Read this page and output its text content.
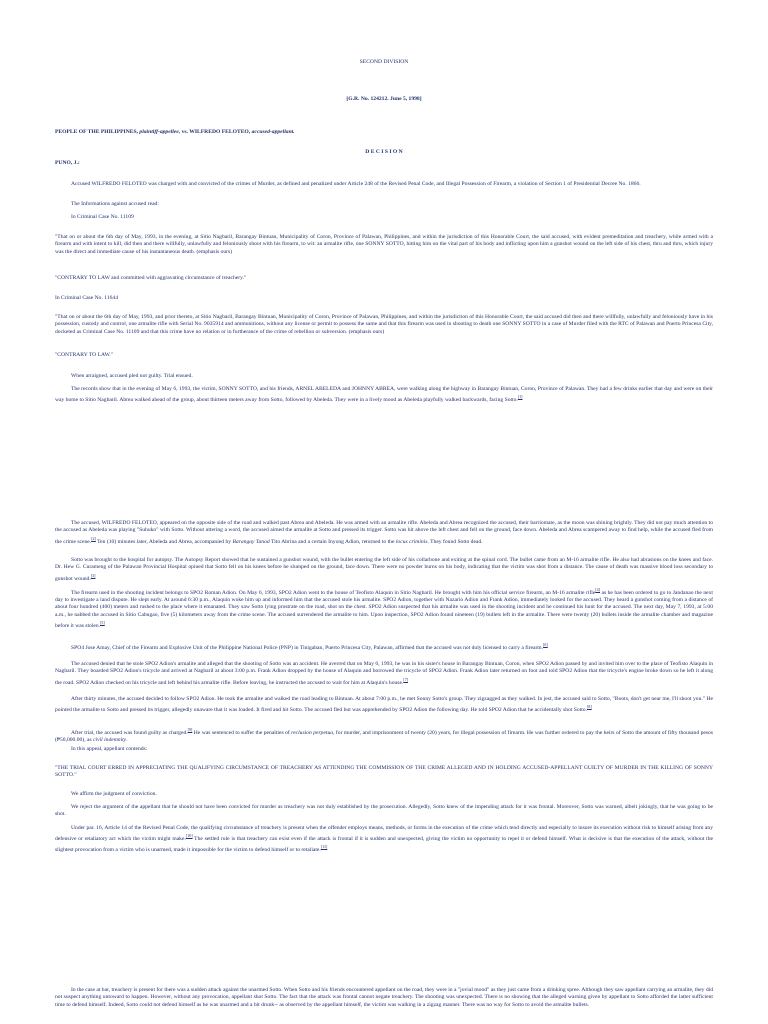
SECOND DIVISION

[G.R. No. 124212. June 5, 1998]

PEOPLE OF THE PHILIPPINES, plaintiff-appellee, vs. WILFREDO FELOTEO, accused-appellant.

D E C I S I O N

PUNO, J.:

Accused WILFREDO FELOTEO was charged with and convicted of the crimes of Murder, as defined and penalized under Article 248 of the Revised Penal Code, and Illegal Possession of Firearm, a violation of Section 1 of Presidential Decree No. 1866.

The Informations against accused read:

In Criminal Case No. 11109

"That on or about the 6th day of May, 1993, in the evening, at Sitio Nagbaril, Barangay Bintuan, Municipality of Coron, Province of Palawan, Philippines, and within the jurisdiction of this Honorable Court, the said accused, with evident premeditation and treachery, while armed with a firearm and with intent to kill, did then and there willfully, unlawfully and feloniously shoot with his firearm, to wit: an armalite rifle, one SONNY SOTTO, hitting him on the vital part of his body and inflicting upon him a gunshot wound on the left side of his chest, thru and thru, which injury was the direct and immediate cause of his instantaneous death. (emphasis ours)

"CONTRARY TO LAW and committed with aggravating circumstance of treachery."

In Criminal Case No. 11644

"That on or about the 6th day of May, 1993, and prior thereto, at Sitio Nagbaril, Barangay Bintuan, Municipality of Coron, Province of Palawan, Philippines, and within the jurisdiction of this Honorable Court, the said accused did then and there willfully, unlawfully and feloniously have in his possession, custody and control, one armalite rifle with Serial No. 9035914 and ammunitions, without any license or permit to possess the same and that this firearm was used in shooting to death one SONNY SOTTO in a case of Murder filed with the RTC of Palawan and Puerto Princesa City, docketed as Criminal Case No. 11109 and that this crime have no relation or in furtherance of the crime of rebellion or subversion. (emphasis ours)

"CONTRARY TO LAW."

When arraigned, accused pled not guilty. Trial ensued.

The records show that in the evening of May 6, 1993, the victim, SONNY SOTTO, and his friends, ARNEL ABELEDA and JOHNNY ABREA, were walking along the highway in Barangay Bintuan, Coron, Province of Palawan. They had a few drinks earlier that day and were on their way home to Sitio Nagbaril. Abrea walked ahead of the group, about thirteen meters away from Sotto, followed by Abeleda. They were in a lively mood as Abeleda playfully walked backwards, facing Sotto.[1]

The accused, WILFREDO FELOTEO, appeared on the opposite side of the road and walked past Abrea and Abeleda. He was armed with an armalite rifle. Abeleda and Abrea recognized the accused, their barriomate, as the moon was shining brightly. They did not pay much attention to the accused as Abeleda was playing "Suhuko" with Sotto. Without uttering a word, the accused aimed the armalite at Sotto and pressed its trigger. Sotto was hit above the left chest and fell on the ground, face down. Abeleda and Abrea scampered away to find help, while the accused fled from the crime scene.[2] Ten (10) minutes later, Abeleda and Abrea, accompanied by Barangay Tanod Tito Abrina and a certain Inyong Adion, returned to the locus criminis. They found Sotto dead.

Sotto was brought to the hospital for autopsy. The Autopsy Report showed that he sustained a gunshot wound, with the bullet entering the left side of his collarbone and exiting at the spinal cord. The bullet came from an M-16 armalite rifle. He also had abrasions on the knees and face. Dr. Hew G. Curameng of the Palawan Provincial Hospital opined that Sotto fell on his knees before he slumped on the ground, face down. There were no powder burns on his body, indicating that the victim was shot from a distance. The cause of death was massive blood loss secondary to gunshot wound.[3]

The firearm used in the shooting incident belongs to SPO2 Roman Adion. On May 6, 1993, SPO2 Adion went to the house of Teofisto Alaquin in Sitio Nagbaril. He brought with him his official service firearm, an M-16 armalite rifle[4] as he has been ordered to go to Jandanao the next day to investigate a land dispute. He slept early. At around 6:30 p.m., Alaquin woke him up and informed him that the accused stole his armalite. SPO2 Adion, together with Nazario Adion and Frank Adion, immediately looked for the accused. They heard a gunshot coming from a distance of about four hundred (400) meters and rushed to the place where it emanated. They saw Sotto lying prostrate on the road, shot on the chest. SPO2 Adion suspected that his armalite was used in the shooting incident and he continued his hunt for the accused. The next day, May 7, 1993, at 5:00 a.m., he nabbed the accused in Sitio Cabugao, five (5) kilometers away from the crime scene. The accused surrendered the armalite to him. Upon inspection, SPO2 Adion found nineteen (19) bullets left in the armalite. There were twenty (20) bullets inside the armalite chamber and magazine before it was stolen.[5]

SPO4 Jose Amay, Chief of the Firearm and Explosive Unit of the Philippine National Police (PNP) in Tinigaban, Puerto Princesa City, Palawan, affirmed that the accused was not duly licensed to carry a firearm.[6]

The accused denied that he stole SPO2 Adion's armalite and alleged that the shooting of Sotto was an accident. He averred that on May 6, 1993, he was in his sister's house in Barangay Bintuan, Coron, when SPO2 Adion passed by and invited him over to the place of Teofisto Alaquin in Nagbaril. They boarded SPO2 Adion's tricycle and arrived at Nagbaril at about 3:00 p.m. Frank Adion dropped by the house of Alaquin and borrowed the tricycle of SPO2 Adion. Frank Adion later returned on foot and told SPO2 Adion that the tricycle's engine broke down so he left it along the road. SPO2 Adion checked on his tricycle and left behind his armalite rifle. Before leaving, he instructed the accused to wait for him at Alaquin's house.[7]

After thirty minutes, the accused decided to follow SPO2 Adion. He took the armalite and walked the road leading to Bintuan. At about 7:00 p.m., he met Sonny Sotto's group. They zigzagged as they walked. In jest, the accused said to Sotto, "Boots, don't get near me, I'll shoot you." He pointed the armalite to Sotto and pressed its trigger, allegedly unaware that it was loaded. It fired and hit Sotto. The accused fled but was apprehended by SPO2 Adion the following day. He told SPO2 Adion that he accidentally shot Sotto.[8]

After trial, the accused was found guilty as charged.[9] He was sentenced to suffer the penalties of reclusion perpetua, for murder, and imprisonment of twenty (20) years, for illegal possession of firearm. He was further ordered to pay the heirs of Sotto the amount of fifty thousand pesos (₱50,000.00), as civil indemnity.

In this appeal, appellant contends:

"THE TRIAL COURT ERRED IN APPRECIATING THE QUALIFYING CIRCUMSTANCE OF TREACHERY AS ATTENDING THE COMMISSION OF THE CRIME ALLEGED AND IN HOLDING ACCUSED-APPELLANT GUILTY OF MURDER IN THE KILLING OF SONNY SOTTO."

We affirm the judgment of conviction.

We reject the argument of the appellant that he should not have been convicted for murder as treachery was not duly established by the prosecution. Allegedly, Sotto knew of the impending attack for it was frontal. Moreover, Sotto was warned, albeit jokingly, that he was going to be shot.

Under par. 16, Article 14 of the Revised Penal Code, the qualifying circumstance of treachery is present when the offender employs means, methods, or forms in the execution of the crime which tend directly and especially to insure its execution without risk to himself arising from any defensive or retaliatory act which the victim might make.[10] The settled rule is that treachery can exist even if the attack is frontal if it is sudden and unexpected, giving the victim no opportunity to repel it or defend himself. What is decisive is that the execution of the attack, without the slightest provocation from a victim who is unarmed, made it impossible for the victim to defend himself or to retaliate.[11]

In the case at bar, treachery is present for there was a sudden attack against the unarmed Sotto. When Sotto and his friends encountered appellant on the road, they were in a "jovial mood" as they just came from a drinking spree. Although they saw appellant carrying an armalite, they did not suspect anything untoward to happen. However, without any provocation, appellant shot Sotto. The fact that the attack was frontal cannot negate treachery. The shooting was unexpected. There is no showing that the alleged warning given by appellant to Sotto afforded the latter sufficient time to defend himself. Indeed, Sotto could not defend himself as he was unarmed and a bit drunk-- as observed by the appellant himself, the victim was walking in a zigzag manner. There was no way for Sotto to avoid the armalite bullets.
